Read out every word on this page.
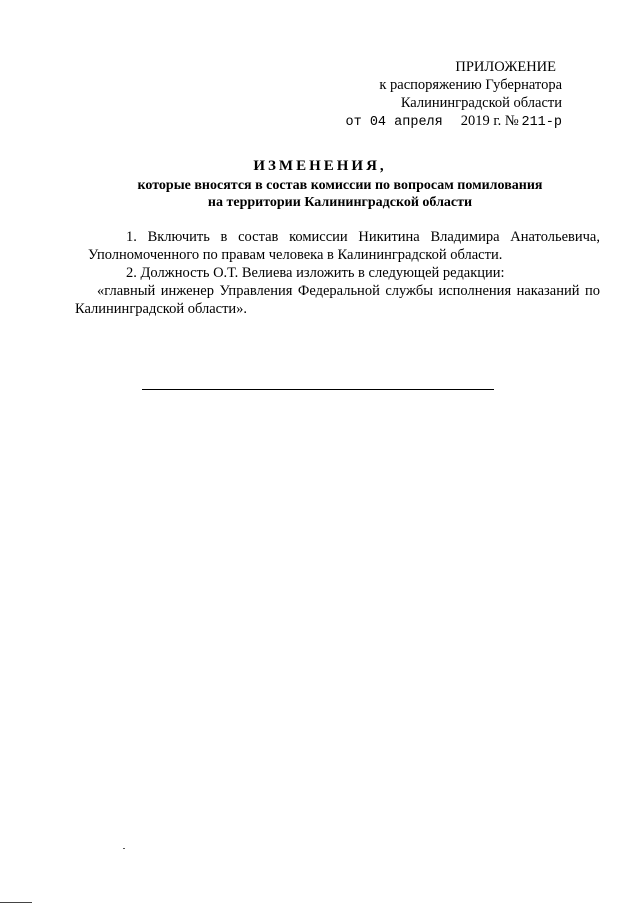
ПРИЛОЖЕНИЕ
к распоряжению Губернатора
Калининградской области
от 04 апреля 2019 г. №  211-р
ИЗМЕНЕНИЯ,
которые вносятся в состав комиссии по вопросам помилования
на территории Калининградской области

1. Включить в состав комиссии Никитина Владимира Анатольевича, Уполномоченного по правам человека в Калининградской области.

2. Должность О.Т. Велиева изложить в следующей редакции:

«главный инженер Управления Федеральной службы исполнения наказаний по Калининградской области».
